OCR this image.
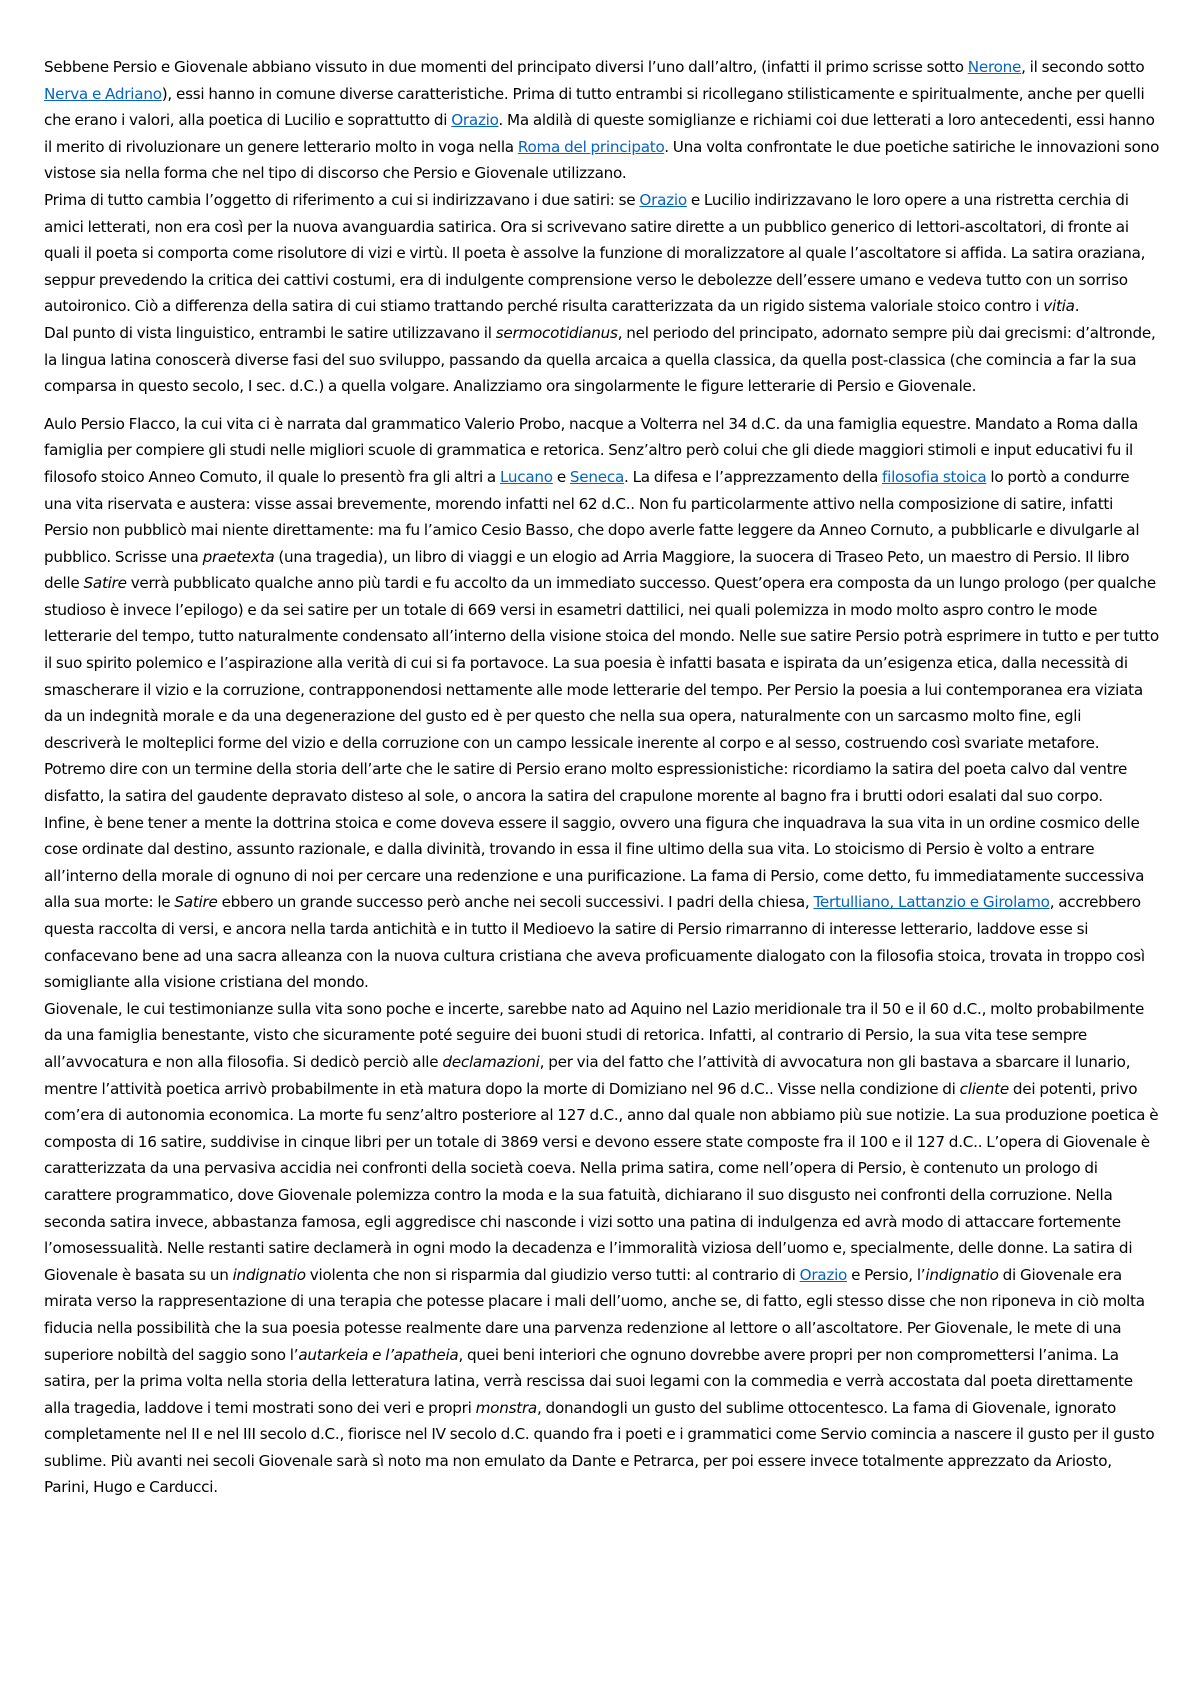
Sebbene Persio e Giovenale abbiano vissuto in due momenti del principato diversi l’uno dall’altro, (infatti il primo scrisse sotto Nerone, il secondo sotto Nerva e Adriano), essi hanno in comune diverse caratteristiche. Prima di tutto entrambi si ricollegano stilisticamente e spiritualmente, anche per quelli che erano i valori, alla poetica di Lucilio e soprattutto di Orazio. Ma aldilà di queste somiglianze e richiami coi due letterati a loro antecedenti, essi hanno il merito di rivoluzionare un genere letterario molto in voga nella Roma del principato. Una volta confrontate le due poetiche satiriche le innovazioni sono vistose sia nella forma che nel tipo di discorso che Persio e Giovenale utilizzano.

Prima di tutto cambia l’oggetto di riferimento a cui si indirizzavano i due satiri: se Orazio e Lucilio indirizzavano le loro opere a una ristretta cerchia di amici letterati, non era così per la nuova avanguardia satirica. Ora si scrivevano satire dirette a un pubblico generico di lettori-ascoltatori, di fronte ai quali il poeta si comporta come risolutore di vizi e virtù. Il poeta è assolve la funzione di moralizzatore al quale l’ascoltatore si affida. La satira oraziana, seppur prevedendo la critica dei cattivi costumi, era di indulgente comprensione verso le debolezze dell’essere umano e vedeva tutto con un sorriso autoironico. Ciò a differenza della satira di cui stiamo trattando perché risulta caratterizzata da un rigido sistema valoriale stoico contro i vitia.

Dal punto di vista linguistico, entrambi le satire utilizzavano il sermocotidianus, nel periodo del principato, adornato sempre più dai grecismi: d’altronde, la lingua latina conoscerà diverse fasi del suo sviluppo, passando da quella arcaica a quella classica, da quella post-classica (che comincia a far la sua comparsa in questo secolo, I sec. d.C.) a quella volgare. Analizziamo ora singolarmente le figure letterarie di Persio e Giovenale.

Aulo Persio Flacco, la cui vita ci è narrata dal grammatico Valerio Probo, nacque a Volterra nel 34 d.C. da una famiglia equestre. Mandato a Roma dalla famiglia per compiere gli studi nelle migliori scuole di grammatica e retorica. Senz’altro però colui che gli diede maggiori stimoli e input educativi fu il filosofo stoico Anneo Comuto, il quale lo presentò fra gli altri a Lucano e Seneca. La difesa e l’apprezzamento della filosofia stoica lo portò a condurre una vita riservata e austera: visse assai brevemente, morendo infatti nel 62 d.C.. Non fu particolarmente attivo nella composizione di satire, infatti Persio non pubblicò mai niente direttamente: ma fu l’amico Cesio Basso, che dopo averle fatte leggere da Anneo Cornuto, a pubblicarle e divulgarle al pubblico. Scrisse una praetexta (una tragedia), un libro di viaggi e un elogio ad Arria Maggiore, la suocera di Traseo Peto, un maestro di Persio. Il libro delle Satire verrà pubblicato qualche anno più tardi e fu accolto da un immediato successo. Quest’opera era composta da un lungo prologo (per qualche studioso è invece l’epilogo) e da sei satire per un totale di 669 versi in esametri dattilici, nei quali polemizza in modo molto aspro contro le mode letterarie del tempo, tutto naturalmente condensato all’interno della visione stoica del mondo. Nelle sue satire Persio potrà esprimere in tutto e per tutto il suo spirito polemico e l’aspirazione alla verità di cui si fa portavoce. La sua poesia è infatti basata e ispirata da un’esigenza etica, dalla necessità di smascherare il vizio e la corruzione, contrapponendosi nettamente alle mode letterarie del tempo. Per Persio la poesia a lui contemporanea era viziata da un indegnità morale e da una degenerazione del gusto ed è per questo che nella sua opera, naturalmente con un sarcasmo molto fine, egli descriverà le molteplici forme del vizio e della corruzione con un campo lessicale inerente al corpo e al sesso, costruendo così svariate metafore. Potremo dire con un termine della storia dell’arte che le satire di Persio erano molto espressionistiche: ricordiamo la satira del poeta calvo dal ventre disfatto, la satira del gaudente depravato disteso al sole, o ancora la satira del crapulone morente al bagno fra i brutti odori esalati dal suo corpo.

Infine, è bene tener a mente la dottrina stoica e come doveva essere il saggio, ovvero una figura che inquadrava la sua vita in un ordine cosmico delle cose ordinate dal destino, assunto razionale, e dalla divinità, trovando in essa il fine ultimo della sua vita. Lo stoicismo di Persio è volto a entrare all’interno della morale di ognuno di noi per cercare una redenzione e una purificazione. La fama di Persio, come detto, fu immediatamente successiva alla sua morte: le Satire ebbero un grande successo però anche nei secoli successivi. I padri della chiesa, Tertulliano, Lattanzio e Girolamo, accrebbero questa raccolta di versi, e ancora nella tarda antichità e in tutto il Medioevo la satire di Persio rimarranno di interesse letterario, laddove esse si confacevano bene ad una sacra alleanza con la nuova cultura cristiana che aveva proficuamente dialogato con la filosofia stoica, trovata in troppo così somigliante alla visione cristiana del mondo.

Giovenale, le cui testimonianze sulla vita sono poche e incerte, sarebbe nato ad Aquino nel Lazio meridionale tra il 50 e il 60 d.C., molto probabilmente da una famiglia benestante, visto che sicuramente poté seguire dei buoni studi di retorica. Infatti, al contrario di Persio, la sua vita tese sempre all’avvocatura e non alla filosofia. Si dedicò perciò alle declamazioni, per via del fatto che l’attività di avvocatura non gli bastava a sbarcare il lunario, mentre l’attività poetica arrivò probabilmente in età matura dopo la morte di Domiziano nel 96 d.C.. Visse nella condizione di cliente dei potenti, privo com’era di autonomia economica. La morte fu senz’altro posteriore al 127 d.C., anno dal quale non abbiamo più sue notizie. La sua produzione poetica è composta di 16 satire, suddivise in cinque libri per un totale di 3869 versi e devono essere state composte fra il 100 e il 127 d.C.. L’opera di Giovenale è caratterizzata da una pervasiva accidia nei confronti della società coeva. Nella prima satira, come nell’opera di Persio, è contenuto un prologo di carattere programmatico, dove Giovenale polemizza contro la moda e la sua fatuità, dichiarano il suo disgusto nei confronti della corruzione. Nella seconda satira invece, abbastanza famosa, egli aggredisce chi nasconde i vizi sotto una patina di indulgenza ed avrà modo di attaccare fortemente l’omosessualità. Nelle restanti satire declamerà in ogni modo la decadenza e l’immoralità viziosa dell’uomo e, specialmente, delle donne. La satira di Giovenale è basata su un indignatio violenta che non si risparmia dal giudizio verso tutti: al contrario di Orazio e Persio, l’indignatio di Giovenale era mirata verso la rappresentazione di una terapia che potesse placare i mali dell’uomo, anche se, di fatto, egli stesso disse che non riponeva in ciò molta fiducia nella possibilità che la sua poesia potesse realmente dare una parvenza redenzione al lettore o all’ascoltatore. Per Giovenale, le mete di una superiore nobiltà del saggio sono l’autarkeia e l’apatheia, quei beni interiori che ognuno dovrebbe avere propri per non compromettersi l’anima. La satira, per la prima volta nella storia della letteratura latina, verrà rescissa dai suoi legami con la commedia e verrà accostata dal poeta direttamente alla tragedia, laddove i temi mostrati sono dei veri e propri monstra, donandogli un gusto del sublime ottocentesco. La fama di Giovenale, ignorato completamente nel II e nel III secolo d.C., fiorisce nel IV secolo d.C. quando fra i poeti e i grammatici come Servio comincia a nascere il gusto per il gusto sublime. Più avanti nei secoli Giovenale sarà sì noto ma non emulato da Dante e Petrarca, per poi essere invece totalmente apprezzato da Ariosto, Parini, Hugo e Carducci.
